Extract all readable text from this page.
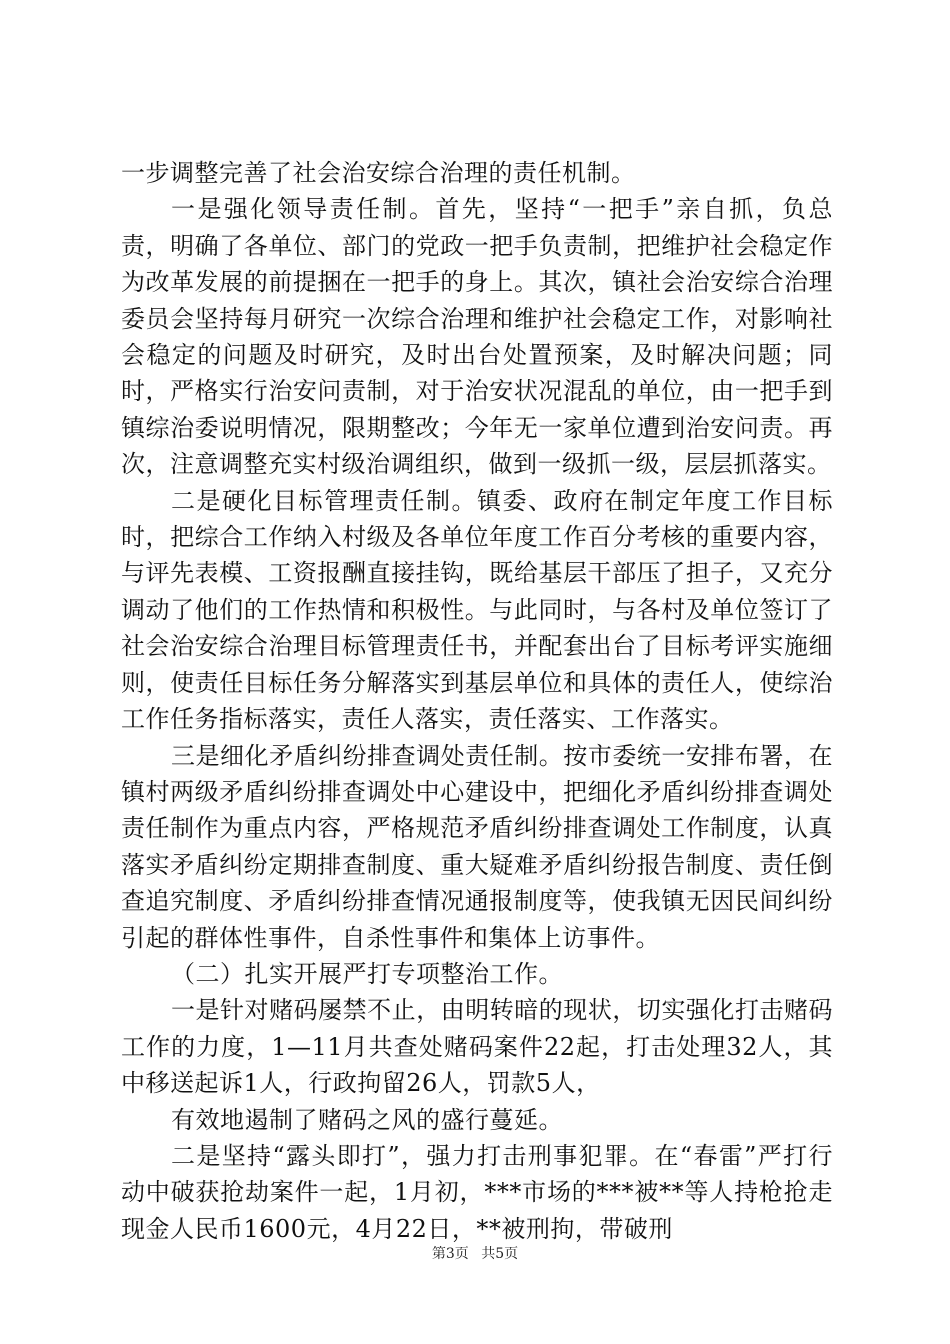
一步调整完善了社会治安综合治理的责任机制。

一是强化领导责任制。首先，坚持“一把手”亲自抓，负总责，明确了各单位、部门的党政一把手负责制，把维护社会稳定作为改革发展的前提捆在一把手的身上。其次，镇社会治安综合治理委员会坚持每月研究一次综合治理和维护社会稳定工作，对影响社会稳定的问题及时研究，及时出台处置预案，及时解决问题；同时，严格实行治安问责制，对于治安状况混乱的单位，由一把手到镇综治委说明情况，限期整改；今年无一家单位遭到治安问责。再次，注意调整充实村级治调组织，做到一级抓一级，层层抓落实。

二是硬化目标管理责任制。镇委、政府在制定年度工作目标时，把综合工作纳入村级及各单位年度工作百分考核的重要内容，与评先表模、工资报酬直接挂钩，既给基层干部压了担子，又充分调动了他们的工作热情和积极性。与此同时，与各村及单位签订了社会治安综合治理目标管理责任书，并配套出台了目标考评实施细则，使责任目标任务分解落实到基层单位和具体的责任人，使综治工作任务指标落实，责任人落实，责任落实、工作落实。

三是细化矛盾纠纷排查调处责任制。按市委统一安排布署，在镇村两级矛盾纠纷排查调处中心建设中，把细化矛盾纠纷排查调处责任制作为重点内容，严格规范矛盾纠纷排查调处工作制度，认真落实矛盾纠纷定期排查制度、重大疑难矛盾纠纷报告制度、责任倒查追究制度、矛盾纠纷排查情况通报制度等，使我镇无因民间纠纷引起的群体性事件，自杀性事件和集体上访事件。

（二）扎实开展严打专项整治工作。

一是针对赌码屡禁不止，由明转暗的现状，切实强化打击赌码工作的力度，1—11月共查处赌码案件22起，打击处理32人，其中移送起诉1人，行政拘留26人，罚款5人，

有效地遏制了赌码之风的盛行蔓延。

二是坚持“露头即打”，强力打击刑事犯罪。在“春雷”严打行动中破获抢劫案件一起，1月初，***市场的***被**等人持枪抢走现金人民币1600元，4月22日，**被刑拘，带破刑

第3页 共5页
